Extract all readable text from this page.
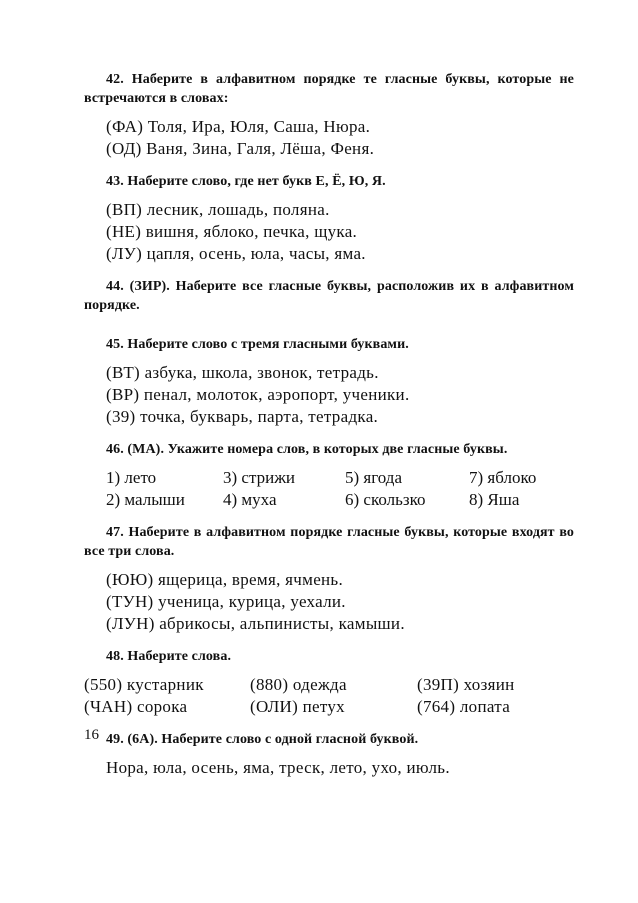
42. Наберите в алфавитном порядке те гласные буквы, которые не встречаются в словах:
(ФА) Толя, Ира, Юля, Саша, Нюра.
(ОД) Ваня, Зина, Галя, Лёша, Феня.
43. Наберите слово, где нет букв Е, Ё, Ю, Я.
(ВП) лесник, лошадь, поляна.
(НЕ) вишня, яблоко, печка, щука.
(ЛУ) цапля, осень, юла, часы, яма.
44. (ЗИР). Наберите все гласные буквы, расположив их в алфавитном порядке.
45. Наберите слово с тремя гласными буквами.
(ВТ) азбука, школа, звонок, тетрадь.
(ВР) пенал, молоток, аэропорт, ученики.
(39) точка, букварь, парта, тетрадка.
46. (МА). Укажите номера слов, в которых две гласные буквы.
1) лето	3) стрижи	5) ягода	7) яблоко
2) малыши	4) муха	6) скользко	8) Яша
47. Наберите в алфавитном порядке гласные буквы, которые входят во все три слова.
(ЮЮ) ящерица, время, ячмень.
(ТУН) ученица, курица, уехали.
(ЛУН) абрикосы, альпинисты, камыши.
48. Наберите слова.
(550) кустарник	(880) одежда	(39П) хозяин
(ЧАН) сорока	(ОЛИ) петух	(764) лопата
49. (6А). Наберите слово с одной гласной буквой.
Нора, юла, осень, яма, треск, лето, ухо, июль.
16
